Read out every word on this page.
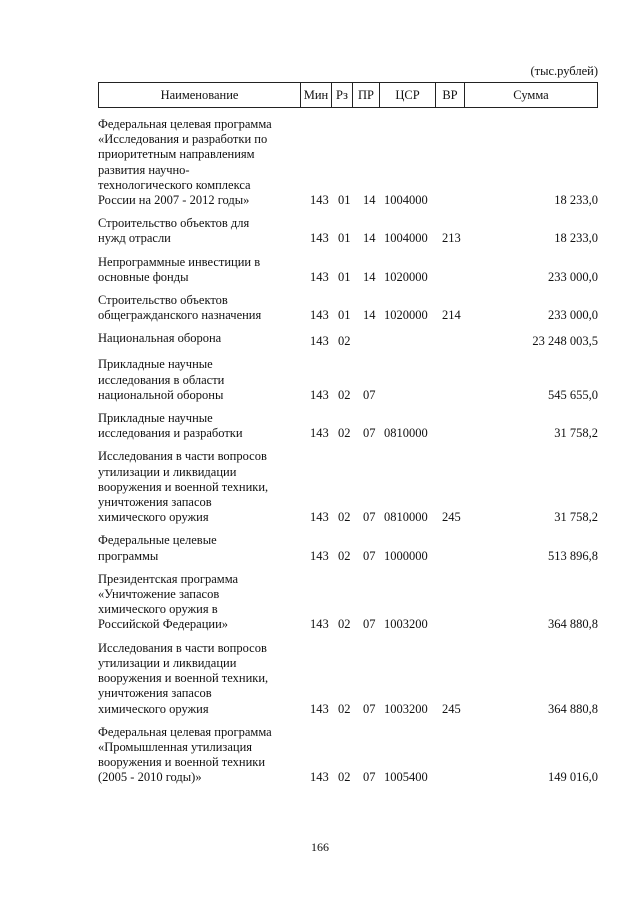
(тыс.рублей)
Наименование	Мин Рз ПР	ЦСР	ВР	Сумма
Федеральная целевая программа
«Исследования и разработки по
приоритетным направлениям
развития научно-
технологического комплекса
России на 2007 - 2012 годы»	143 01 14 1004000	18 233,0
Строительство объектов для
нужд отрасли	143 01 14 1004000 213	18 233,0
Непрограммные инвестиции в
основные фонды	143 01 14 1020000	233 000,0
Строительство объектов
общегражданского назначения	143 01 14 1020000 214	233 000,0
Национальная оборона	143 02	23 248 003,5
Прикладные научные
исследования в области
национальной обороны	143 02 07	545 655,0
Прикладные научные
исследования и разработки	143 02 07 0810000	31 758,2
Исследования в части вопросов
утилизации и ликвидации
вооружения и военной техники,
уничтожения запасов
химического оружия	143 02 07 0810000 245	31 758,2
Федеральные целевые
программы	143 02 07 1000000	513 896,8
Президентская программа
«Уничтожение запасов
химического оружия в
Российской Федерации»	143 02 07 1003200	364 880,8
Исследования в части вопросов
утилизации и ликвидации
вооружения и военной техники,
уничтожения запасов
химического оружия	143 02 07 1003200 245	364 880,8
Федеральная целевая программа
«Промышленная утилизация
вооружения и военной техники
(2005 - 2010 годы)»	143 02 07 1005400	149 016,0
166
